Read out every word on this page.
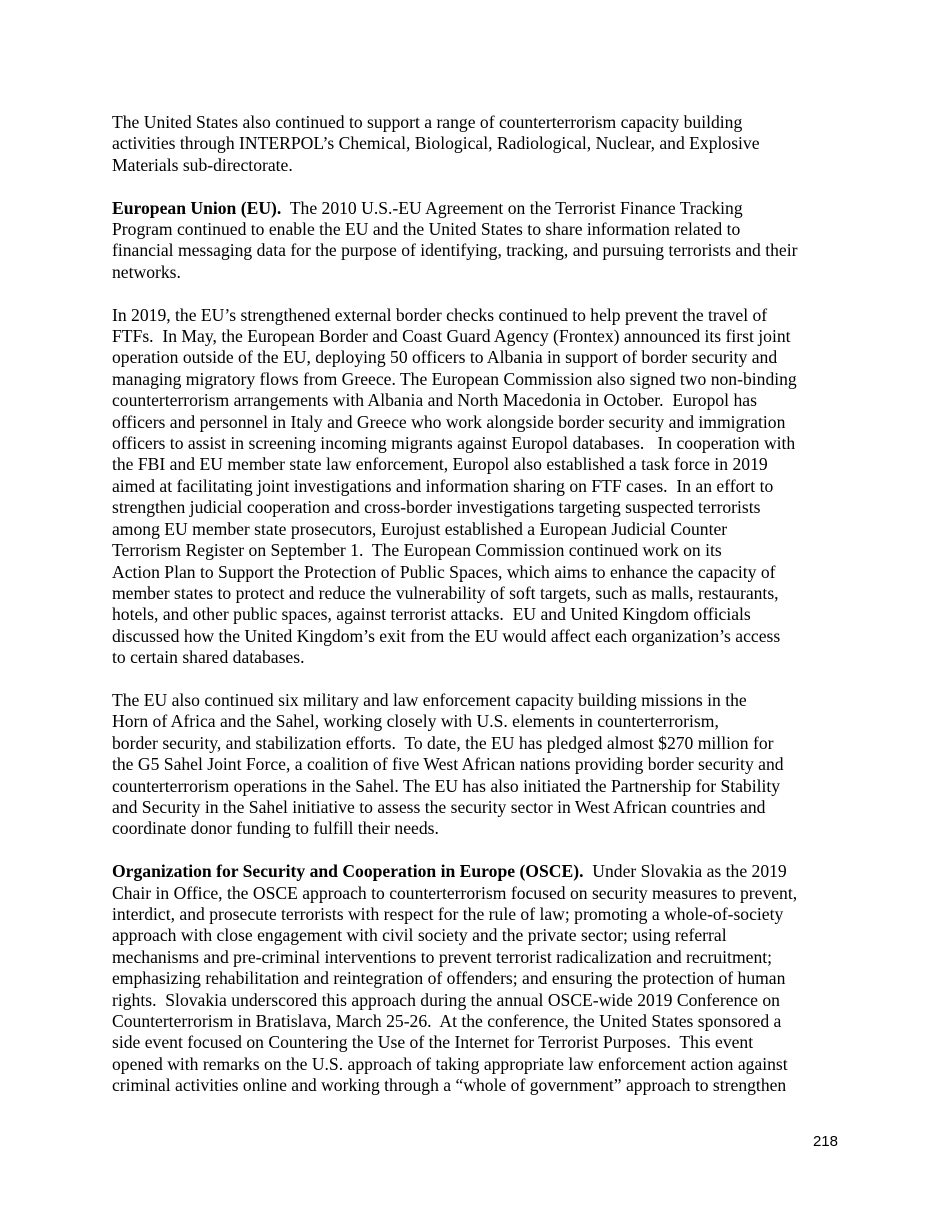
The United States also continued to support a range of counterterrorism capacity building
activities through INTERPOL’s Chemical, Biological, Radiological, Nuclear, and Explosive
Materials sub-directorate.

European Union (EU).  The 2010 U.S.-EU Agreement on the Terrorist Finance Tracking
Program continued to enable the EU and the United States to share information related to
financial messaging data for the purpose of identifying, tracking, and pursuing terrorists and their
networks.

In 2019, the EU’s strengthened external border checks continued to help prevent the travel of
FTFs.  In May, the European Border and Coast Guard Agency (Frontex) announced its first joint
operation outside of the EU, deploying 50 officers to Albania in support of border security and
managing migratory flows from Greece. The European Commission also signed two non-binding
counterterrorism arrangements with Albania and North Macedonia in October.  Europol has
officers and personnel in Italy and Greece who work alongside border security and immigration
officers to assist in screening incoming migrants against Europol databases.   In cooperation with
the FBI and EU member state law enforcement, Europol also established a task force in 2019
aimed at facilitating joint investigations and information sharing on FTF cases.  In an effort to
strengthen judicial cooperation and cross-border investigations targeting suspected terrorists
among EU member state prosecutors, Eurojust established a European Judicial Counter
Terrorism Register on September 1.  The European Commission continued work on its
Action Plan to Support the Protection of Public Spaces, which aims to enhance the capacity of
member states to protect and reduce the vulnerability of soft targets, such as malls, restaurants,
hotels, and other public spaces, against terrorist attacks.  EU and United Kingdom officials
discussed how the United Kingdom’s exit from the EU would affect each organization’s access
to certain shared databases.

The EU also continued six military and law enforcement capacity building missions in the
Horn of Africa and the Sahel, working closely with U.S. elements in counterterrorism,
border security, and stabilization efforts.  To date, the EU has pledged almost $270 million for
the G5 Sahel Joint Force, a coalition of five West African nations providing border security and
counterterrorism operations in the Sahel. The EU has also initiated the Partnership for Stability
and Security in the Sahel initiative to assess the security sector in West African countries and
coordinate donor funding to fulfill their needs.

Organization for Security and Cooperation in Europe (OSCE).  Under Slovakia as the 2019
Chair in Office, the OSCE approach to counterterrorism focused on security measures to prevent,
interdict, and prosecute terrorists with respect for the rule of law; promoting a whole-of-society
approach with close engagement with civil society and the private sector; using referral
mechanisms and pre-criminal interventions to prevent terrorist radicalization and recruitment;
emphasizing rehabilitation and reintegration of offenders; and ensuring the protection of human
rights.  Slovakia underscored this approach during the annual OSCE-wide 2019 Conference on
Counterterrorism in Bratislava, March 25-26.  At the conference, the United States sponsored a
side event focused on Countering the Use of the Internet for Terrorist Purposes.  This event
opened with remarks on the U.S. approach of taking appropriate law enforcement action against
criminal activities online and working through a “whole of government” approach to strengthen

218
